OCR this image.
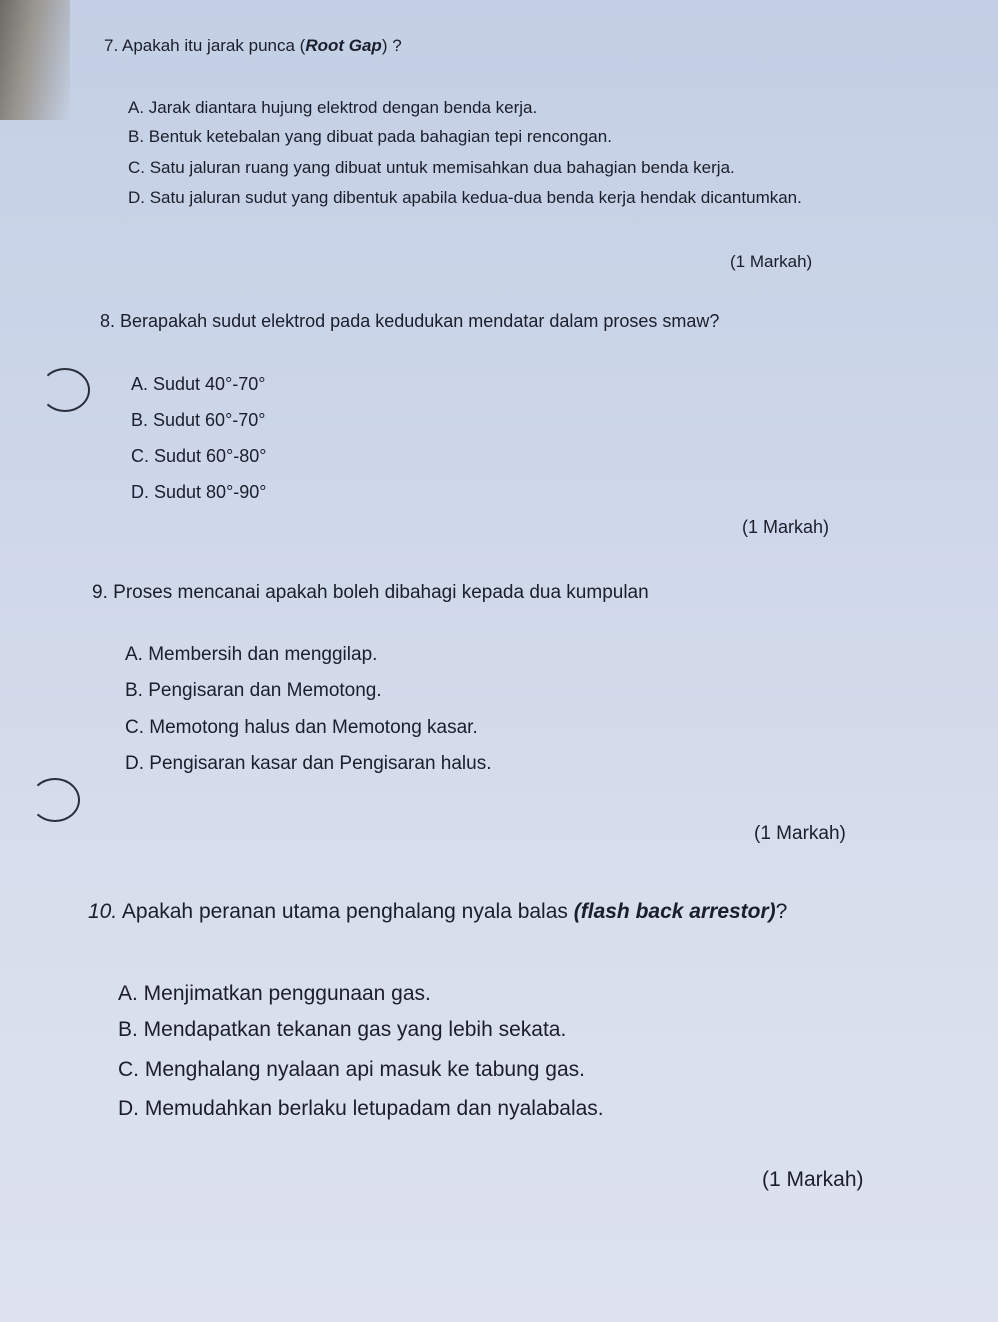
7. Apakah itu jarak punca (Root Gap) ?
A. Jarak diantara hujung elektrod dengan benda kerja.
B. Bentuk ketebalan yang dibuat pada bahagian tepi rencongan.
C. Satu jaluran ruang yang dibuat untuk memisahkan dua bahagian benda kerja.
D. Satu jaluran sudut yang dibentuk apabila kedua-dua benda kerja hendak dicantumkan.
(1 Markah)
8. Berapakah sudut elektrod pada kedudukan mendatar dalam proses smaw?
A. Sudut 40°-70°
B. Sudut 60°-70°
C. Sudut 60°-80°
D. Sudut 80°-90°
(1 Markah)
9. Proses mencanai apakah boleh dibahagi kepada dua kumpulan
A. Membersih dan menggilap.
B. Pengisaran dan Memotong.
C. Memotong halus dan Memotong kasar.
D. Pengisaran kasar dan Pengisaran halus.
(1 Markah)
10. Apakah peranan utama penghalang nyala balas (flash back arrestor)?
A. Menjimatkan penggunaan gas.
B. Mendapatkan tekanan gas yang lebih sekata.
C. Menghalang nyalaan api masuk ke tabung gas.
D. Memudahkan berlaku letupadam dan nyalabalas.
(1 Markah)
